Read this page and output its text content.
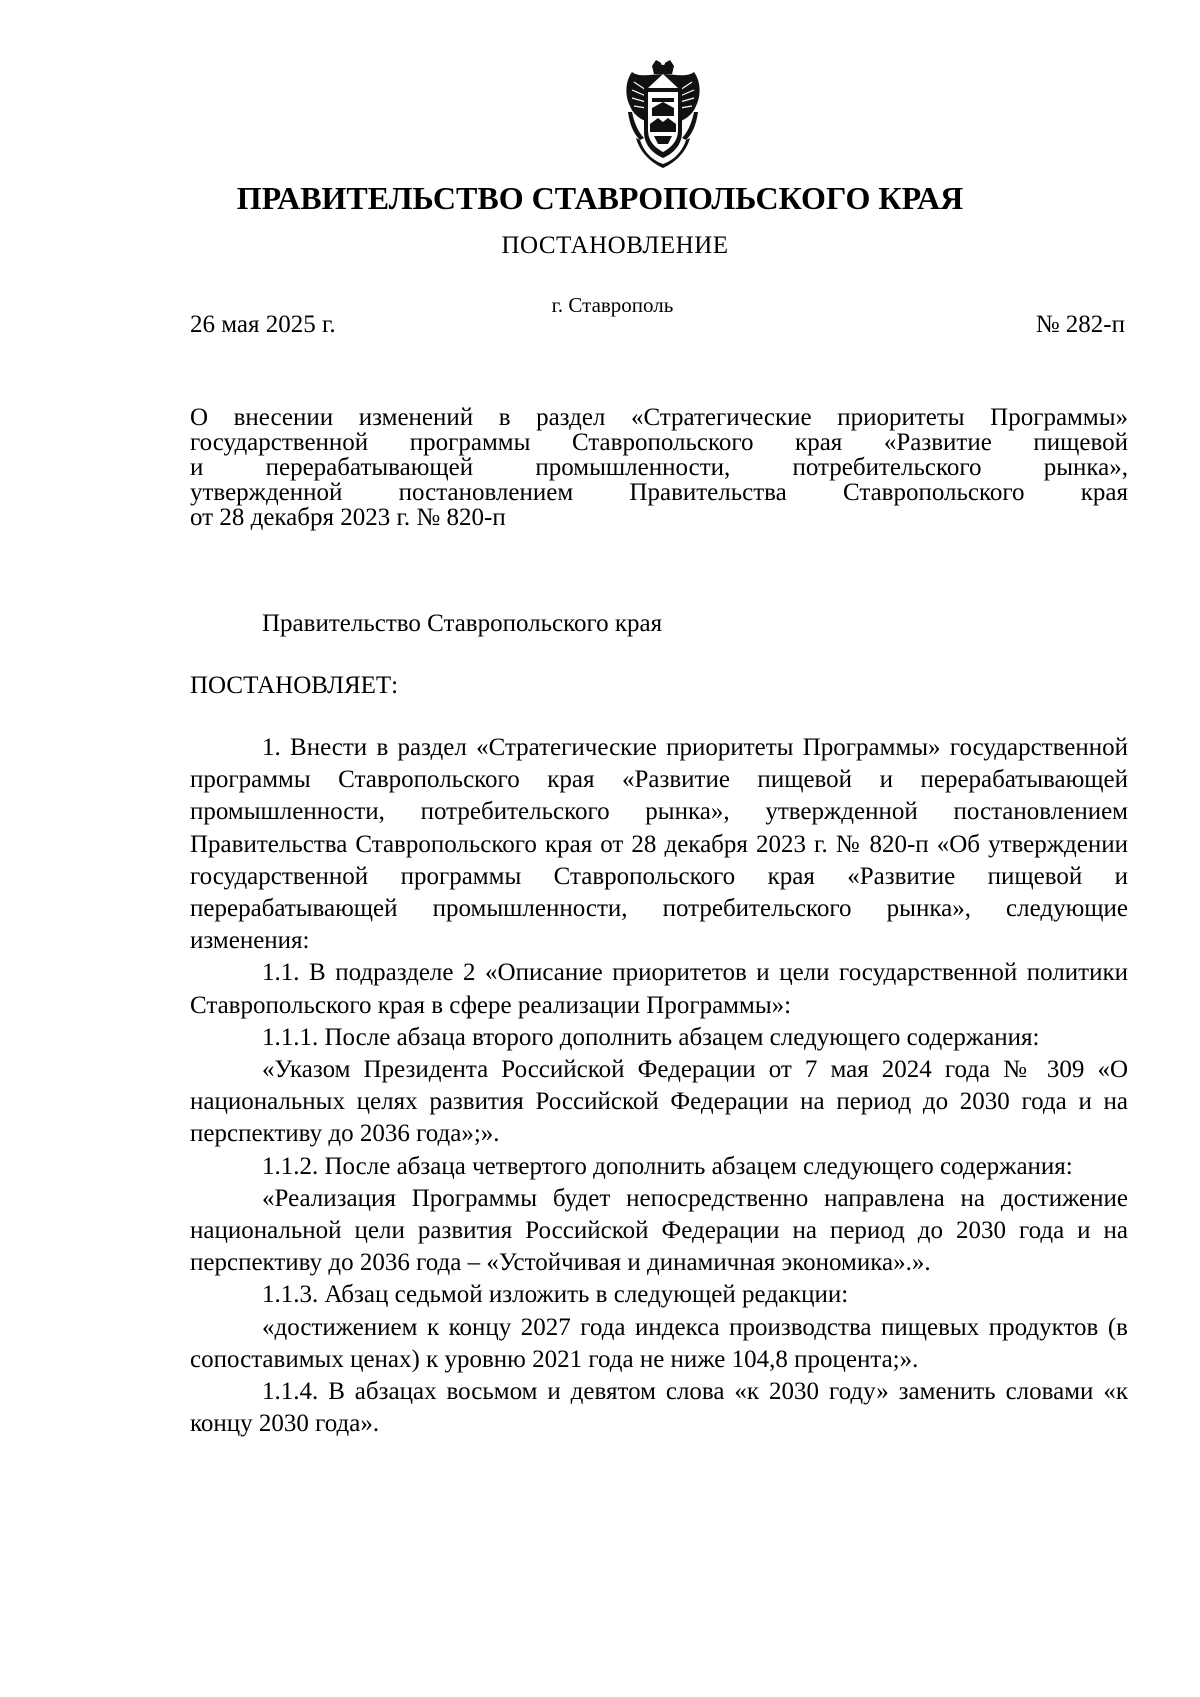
ПРАВИТЕЛЬСТВО СТАВРОПОЛЬСКОГО КРАЯ
ПОСТАНОВЛЕНИЕ
г. Ставрополь
26 мая 2025 г.	№ 282-п
О внесении изменений в раздел «Стратегические приоритеты Программы»
государственной программы Ставропольского края «Развитие пищевой
и перерабатывающей промышленности, потребительского рынка»,
утвержденной постановлением Правительства Ставропольского края
от 28 декабря 2023 г. № 820-п
Правительство Ставропольского края
ПОСТАНОВЛЯЕТ:

1. Внести в раздел «Стратегические приоритеты Программы» государственной программы Ставропольского края «Развитие пищевой и перерабатывающей промышленности, потребительского рынка», утвержденной постановлением Правительства Ставропольского края от 28 декабря 2023 г. № 820-п «Об утверждении государственной программы Ставропольского края «Развитие пищевой и перерабатывающей промышленности, потребительского рынка», следующие изменения:

1.1. В подразделе 2 «Описание приоритетов и цели государственной политики Ставропольского края в сфере реализации Программы»:

1.1.1. После абзаца второго дополнить абзацем следующего содержания:

«Указом Президента Российской Федерации от 7 мая 2024 года № 309 «О национальных целях развития Российской Федерации на период до 2030 года и на перспективу до 2036 года»;».

1.1.2. После абзаца четвертого дополнить абзацем следующего содержания:

«Реализация Программы будет непосредственно направлена на достижение национальной цели развития Российской Федерации на период до 2030 года и на перспективу до 2036 года – «Устойчивая и динамичная экономика».».

1.1.3. Абзац седьмой изложить в следующей редакции:

«достижением к концу 2027 года индекса производства пищевых продуктов (в сопоставимых ценах) к уровню 2021 года не ниже 104,8 процента;».

1.1.4. В абзацах восьмом и девятом слова «к 2030 году» заменить словами «к концу 2030 года».
